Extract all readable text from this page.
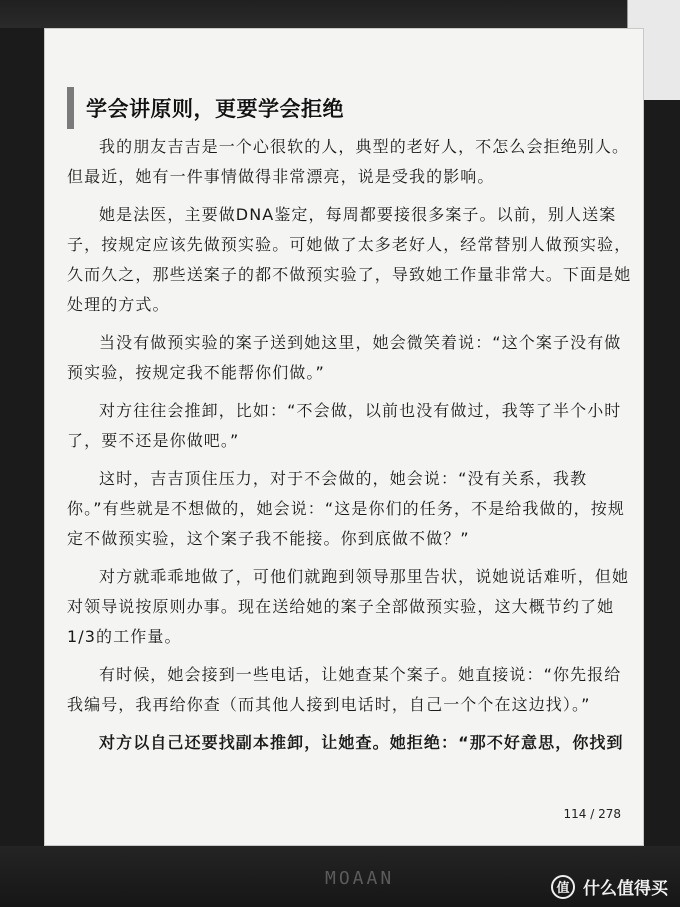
学会讲原则，更要学会拒绝

我的朋友吉吉是一个心很软的人，典型的老好人，不怎么会拒绝别人。但最近，她有一件事情做得非常漂亮，说是受我的影响。

她是法医，主要做DNA鉴定，每周都要接很多案子。以前，别人送案子，按规定应该先做预实验。可她做了太多老好人，经常替别人做预实验，久而久之，那些送案子的都不做预实验了，导致她工作量非常大。下面是她处理的方式。

当没有做预实验的案子送到她这里，她会微笑着说：“这个案子没有做预实验，按规定我不能帮你们做。”

对方往往会推卸，比如：“不会做，以前也没有做过，我等了半个小时了，要不还是你做吧。”

这时，吉吉顶住压力，对于不会做的，她会说：“没有关系，我教你。”有些就是不想做的，她会说：“这是你们的任务，不是给我做的，按规定不做预实验，这个案子我不能接。你到底做不做？”

对方就乖乖地做了，可他们就跑到领导那里告状，说她说话难听，但她对领导说按原则办事。现在送给她的案子全部做预实验，这大概节约了她1/3的工作量。

有时候，她会接到一些电话，让她查某个案子。她直接说：“你先报给我编号，我再给你查（而其他人接到电话时，自己一个个在这边找）。”

对方以自己还要找副本推卸，让她查。她拒绝：“那不好意思，你找到

114 / 278
MOAAN	值 什么值得买
